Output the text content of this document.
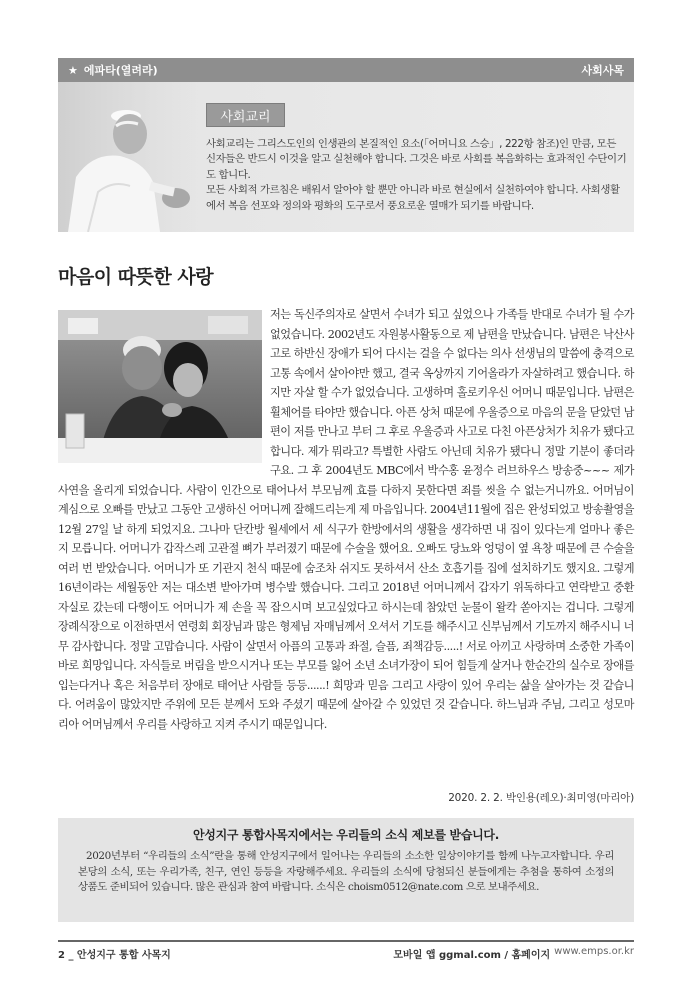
★ 에파타(열려라)	사회사목
사회교리

사회교리는 그리스도인의 인생관의 본질적인 요소(「어머니요 스승」, 222항 참조)인 만큼, 모든 신자들은 반드시 이것을 알고 실천해야 합니다. 그것은 바로 사회를 복음화하는 효과적인 수단이기도 합니다.

모든 사회적 가르침은 배워서 알아야 할 뿐만 아니라 바로 현실에서 실천하여야 합니다. 사회생활에서 복음 선포와 정의와 평화의 도구로서 풍요로운 열매가 되기를 바랍니다.

마음이 따뜻한 사랑
저는 독신주의자로 살면서 수녀가 되고 싶었으나 가족들 반대로 수녀가 될 수가 없었습니다. 2002년도 자원봉사활동으로 제 남편을 만났습니다. 남편은 낙산사고로 하반신 장애가 되어 다시는 걸을 수 없다는 의사 선생님의 말씀에 충격으로 고통 속에서 살아야만 했고, 결국 옥상까지 기어올라가 자살하려고 했습니다. 하지만 자살 할 수가 없었습니다. 고생하며 홀로키우신 어머니 때문입니다. 남편은 휠체어를 타야만 했습니다. 아픈 상처 때문에 우울증으로 마음의 문을 닫았던 남편이 저를 만나고 부터 그 후로 우울증과 사고로 다친 아픈상처가 치유가 됐다고 합니다. 제가 뭐라고? 특별한 사람도 아닌데 치유가 됐다니 정말 기분이 좋더라구요. 그 후 2004년도 MBC에서 박수홍 윤정수 러브하우스 방송중~~~ 제가 사연을 올리게 되었습니다. 사람이 인간으로 태어나서 부모님께 효를 다하지 못한다면 죄를 씻을 수 없는거니까요. 어머님이 계심으로 오빠를 만났고 그동안 고생하신 어머니께 잘해드리는게 제 마음입니다. 2004년11월에 집은 완성되었고 방송촬영을 12월 27일 날 하게 되었지요. 그나마 단칸방 월세에서 세 식구가 한방에서의 생활을 생각하면 내 집이 있다는게 얼마나 좋은지 모릅니다. 어머니가 갑작스레 고관절 뼈가 부러졌기 때문에 수술을 했어요. 오빠도 당뇨와 엉덩이 옆 욕창 때문에 큰 수술을 여러 번 받았습니다. 어머니가 또 기관지 천식 때문에 숨조차 쉬지도 못하셔서 산소 호흡기를 집에 설치하기도 했지요. 그렇게 16년이라는 세월동안 저는 대소변 받아가며 병수발 했습니다. 그리고 2018년 어머니께서 갑자기 위독하다고 연락받고 중환자실로 갔는데 다행이도 어머니가 제 손을 꼭 잡으시며 보고싶었다고 하시는데 참았던 눈물이 왈칵 쏟아지는 겁니다. 그렇게 장례식장으로 이전하면서 연령회 회장님과 많은 형제님 자매님께서 오셔서 기도를 해주시고 신부님께서 기도까지 해주시니 너무 감사합니다. 정말 고맙습니다. 사람이 살면서 아픔의 고통과 좌절, 슬픔, 죄책감등.....! 서로 아끼고 사랑하며 소중한 가족이 바로 희망입니다. 자식들로 버림을 받으시거나 또는 부모를 잃어 소년 소녀가장이 되어 힘들게 살거나 한순간의 실수로 장애를 입는다거나 혹은 처음부터 장애로 태어난 사람들 등등......! 희망과 믿음 그리고 사랑이 있어 우리는 삶을 살아가는 것 같습니다. 어려움이 많았지만 주위에 모든 분께서 도와 주셨기 때문에 살아갈 수 있었던 것 같습니다. 하느님과 주님, 그리고 성모마리아 어머님께서 우리를 사랑하고 지켜 주시기 때문입니다.
2020. 2. 2. 박인용(레오)·최미영(마리아)
안성지구 통합사목지에서는 우리들의 소식 제보를 받습니다.
2020년부터 “우리들의 소식”란을 통해 안성지구에서 일어나는 우리들의 소소한 일상이야기를 함께 나누고자합니다. 우리 본당의 소식, 또는 우리가족, 친구, 연인 등등을 자랑해주세요. 우리들의 소식에 당첨되신 분들에게는 추첨을 통하여 소정의 상품도 준비되어 있습니다. 많은 관심과 참여 바랍니다. 소식은 choism0512@nate.com 으로 보내주세요.
2 _ 안성지구 통합 사목지	모바일 앱 ggmal.com / 홈페이지 www.emps.or.kr
